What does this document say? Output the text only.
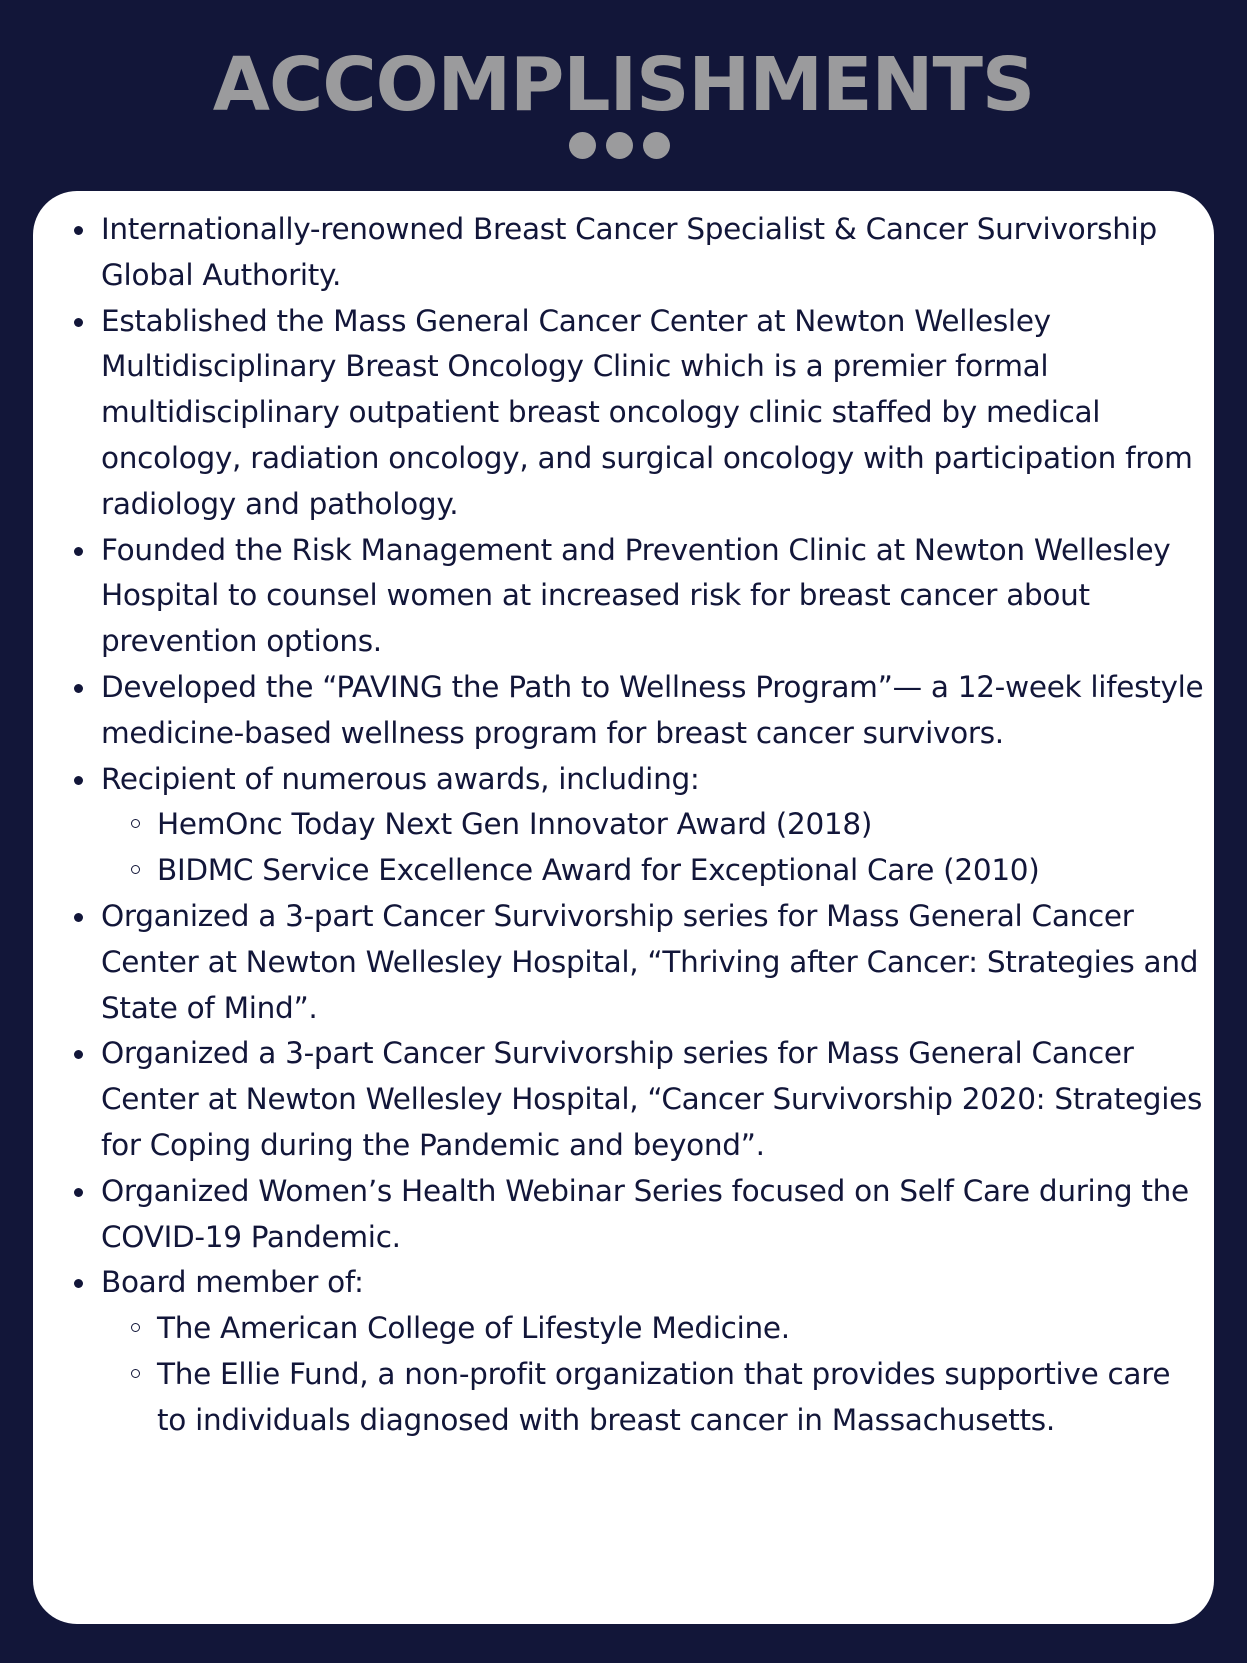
ACCOMPLISHMENTS
Internationally-renowned Breast Cancer Specialist & Cancer Survivorship Global Authority.
Established the Mass General Cancer Center at Newton Wellesley Multidisciplinary Breast Oncology Clinic which is a premier formal multidisciplinary outpatient breast oncology clinic staffed by medical oncology, radiation oncology, and surgical oncology with participation from radiology and pathology.
Founded the Risk Management and Prevention Clinic at Newton Wellesley Hospital to counsel women at increased risk for breast cancer about prevention options.
Developed the “PAVING the Path to Wellness Program”— a 12-week lifestyle medicine-based wellness program for breast cancer survivors.
Recipient of numerous awards, including:
HemOnc Today Next Gen Innovator Award (2018)
BIDMC Service Excellence Award for Exceptional Care (2010)
Organized a 3-part Cancer Survivorship series for Mass General Cancer Center at Newton Wellesley Hospital, “Thriving after Cancer: Strategies and State of Mind”.
Organized a 3-part Cancer Survivorship series for Mass General Cancer Center at Newton Wellesley Hospital, “Cancer Survivorship 2020: Strategies for Coping during the Pandemic and beyond”.
Organized Women’s Health Webinar Series focused on Self Care during the COVID-19 Pandemic.
Board member of:
The American College of Lifestyle Medicine.
The Ellie Fund, a non-profit organization that provides supportive care to individuals diagnosed with breast cancer in Massachusetts.
